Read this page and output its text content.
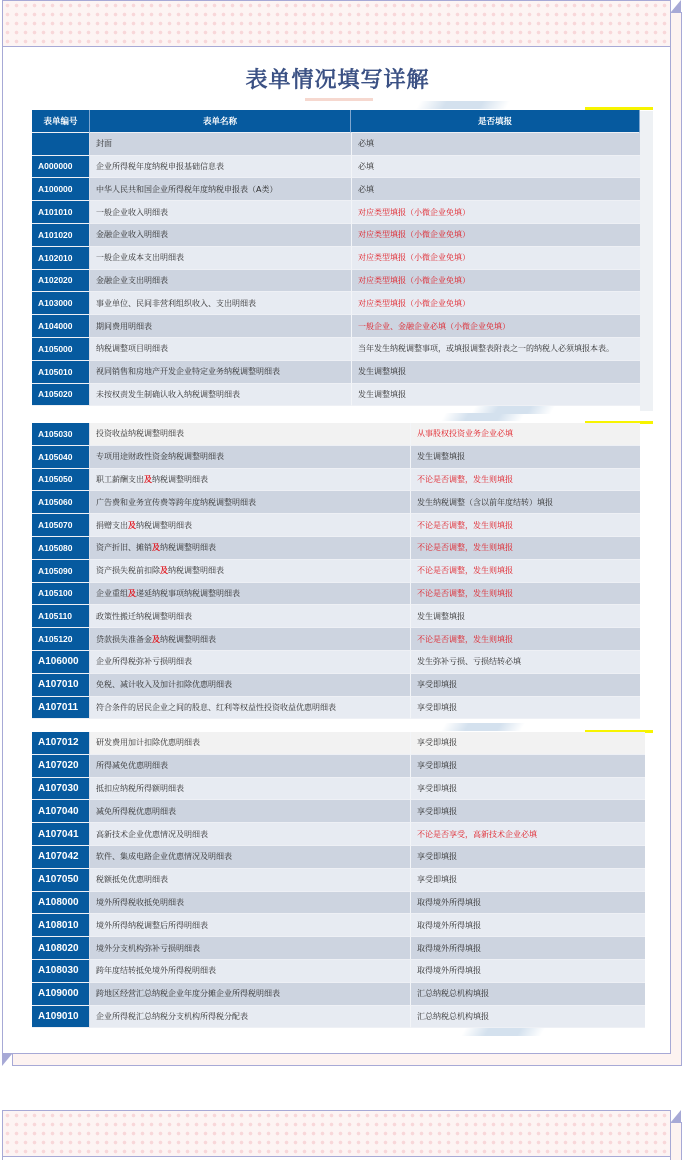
表单情况填写详解
表单编号	表单名称	是否填报
	封面	必填
A000000	企业所得税年度纳税申报基础信息表	必填
A100000	中华人民共和国企业所得税年度纳税申报表（A类）	必填
A101010	一般企业收入明细表	对应类型填报（小微企业免填）
A101020	金融企业收入明细表	对应类型填报（小微企业免填）
A102010	一般企业成本支出明细表	对应类型填报（小微企业免填）
A102020	金融企业支出明细表	对应类型填报（小微企业免填）
A103000	事业单位、民间非营利组织收入、支出明细表	对应类型填报（小微企业免填）
A104000	期间费用明细表	一般企业、金融企业必填（小微企业免填）
A105000	纳税调整项目明细表	当年发生纳税调整事项，或填报调整表附表之一的纳税人必须填报本表。
A105010	视同销售和房地产开发企业特定业务纳税调整明细表	发生调整填报
A105020	未按权责发生制确认收入纳税调整明细表	发生调整填报
A105030	投资收益纳税调整明细表	从事股权投资业务企业必填
A105040	专项用途财政性资金纳税调整明细表	发生调整填报
A105050	职工薪酬支出及纳税调整明细表	不论是否调整，发生则填报
A105060	广告费和业务宣传费等跨年度纳税调整明细表	发生纳税调整（含以前年度结转）填报
A105070	捐赠支出及纳税调整明细表	不论是否调整，发生则填报
A105080	资产折旧、摊销及纳税调整明细表	不论是否调整，发生则填报
A105090	资产损失税前扣除及纳税调整明细表	不论是否调整，发生则填报
A105100	企业重组及递延纳税事项纳税调整明细表	不论是否调整，发生则填报
A105110	政策性搬迁纳税调整明细表	发生调整填报
A105120	贷款损失准备金及纳税调整明细表	不论是否调整，发生则填报
A106000	企业所得税弥补亏损明细表	发生弥补亏损、亏损结转必填
A107010	免税、减计收入及加计扣除优惠明细表	享受即填报
A107011	符合条件的居民企业之间的股息、红利等权益性投资收益优惠明细表	享受即填报
A107012	研发费用加计扣除优惠明细表	享受即填报
A107020	所得减免优惠明细表	享受即填报
A107030	抵扣应纳税所得额明细表	享受即填报
A107040	减免所得税优惠明细表	享受即填报
A107041	高新技术企业优惠情况及明细表	不论是否享受，高新技术企业必填
A107042	软件、集成电路企业优惠情况及明细表	享受即填报
A107050	税额抵免优惠明细表	享受即填报
A108000	境外所得税收抵免明细表	取得境外所得填报
A108010	境外所得纳税调整后所得明细表	取得境外所得填报
A108020	境外分支机构弥补亏损明细表	取得境外所得填报
A108030	跨年度结转抵免境外所得税明细表	取得境外所得填报
A109000	跨地区经营汇总纳税企业年度分摊企业所得税明细表	汇总纳税总机构填报
A109010	企业所得税汇总纳税分支机构所得税分配表	汇总纳税总机构填报
